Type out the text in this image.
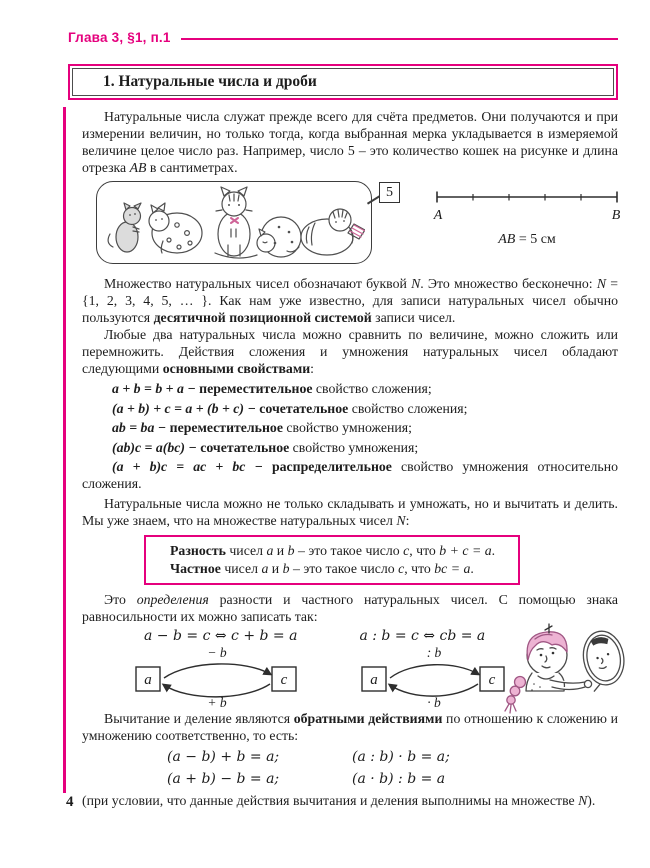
Глава 3, §1, п.1
1. Натуральные числа и дроби

Натуральные числа служат прежде всего для счёта предметов. Они получаются и при измерении величин, но только тогда, когда выбранная мерка укладывается в измеряемой величине целое число раз. Например, число 5 – это количество кошек на рисунке и длина отрезка AB в сантиметрах.

5
A	B
AB = 5 см

Множество натуральных чисел обозначают буквой N. Это множество бесконечно: N = {1, 2, 3, 4, 5, … }. Как нам уже известно, для записи натуральных чисел обычно пользуются десятичной позиционной системой записи чисел.

Любые два натуральных числа можно сравнить по величине, можно сложить или перемножить. Действия сложения и умножения натуральных чисел обладают следующими основными свойствами:

a + b = b + a − переместительное свойство сложения;
(a + b) + c = a + (b + c) − сочетательное свойство сложения;
ab = ba − переместительное свойство умножения;
(ab)c = a(bc) − сочетательное свойство умножения;
(a + b)c = ac + bc − распределительное свойство умножения относительно сложения.

Натуральные числа можно не только складывать и умножать, но и вычитать и делить. Мы уже знаем, что на множестве натуральных чисел N:

Разность чисел a и b – это такое число c, что b + c = a.
Частное чисел a и b – это такое число c, что bc = a.

Это определения разности и частного натуральных чисел. С помощью знака равносильности их можно записать так:

a − b = c ⇔ c + b = a	a : b = c ⇔ cb = a
a	c
− b
+ b
a	c
: b
· b

Вычитание и деление являются обратными действиями по отношению к сложению и умножению соответственно, то есть:

(a − b) + b = a;	(a : b) · b = a;
(a + b) − b = a;	(a · b) : b = a

(при условии, что данные действия вычитания и деления выполнимы на множестве N).

4
